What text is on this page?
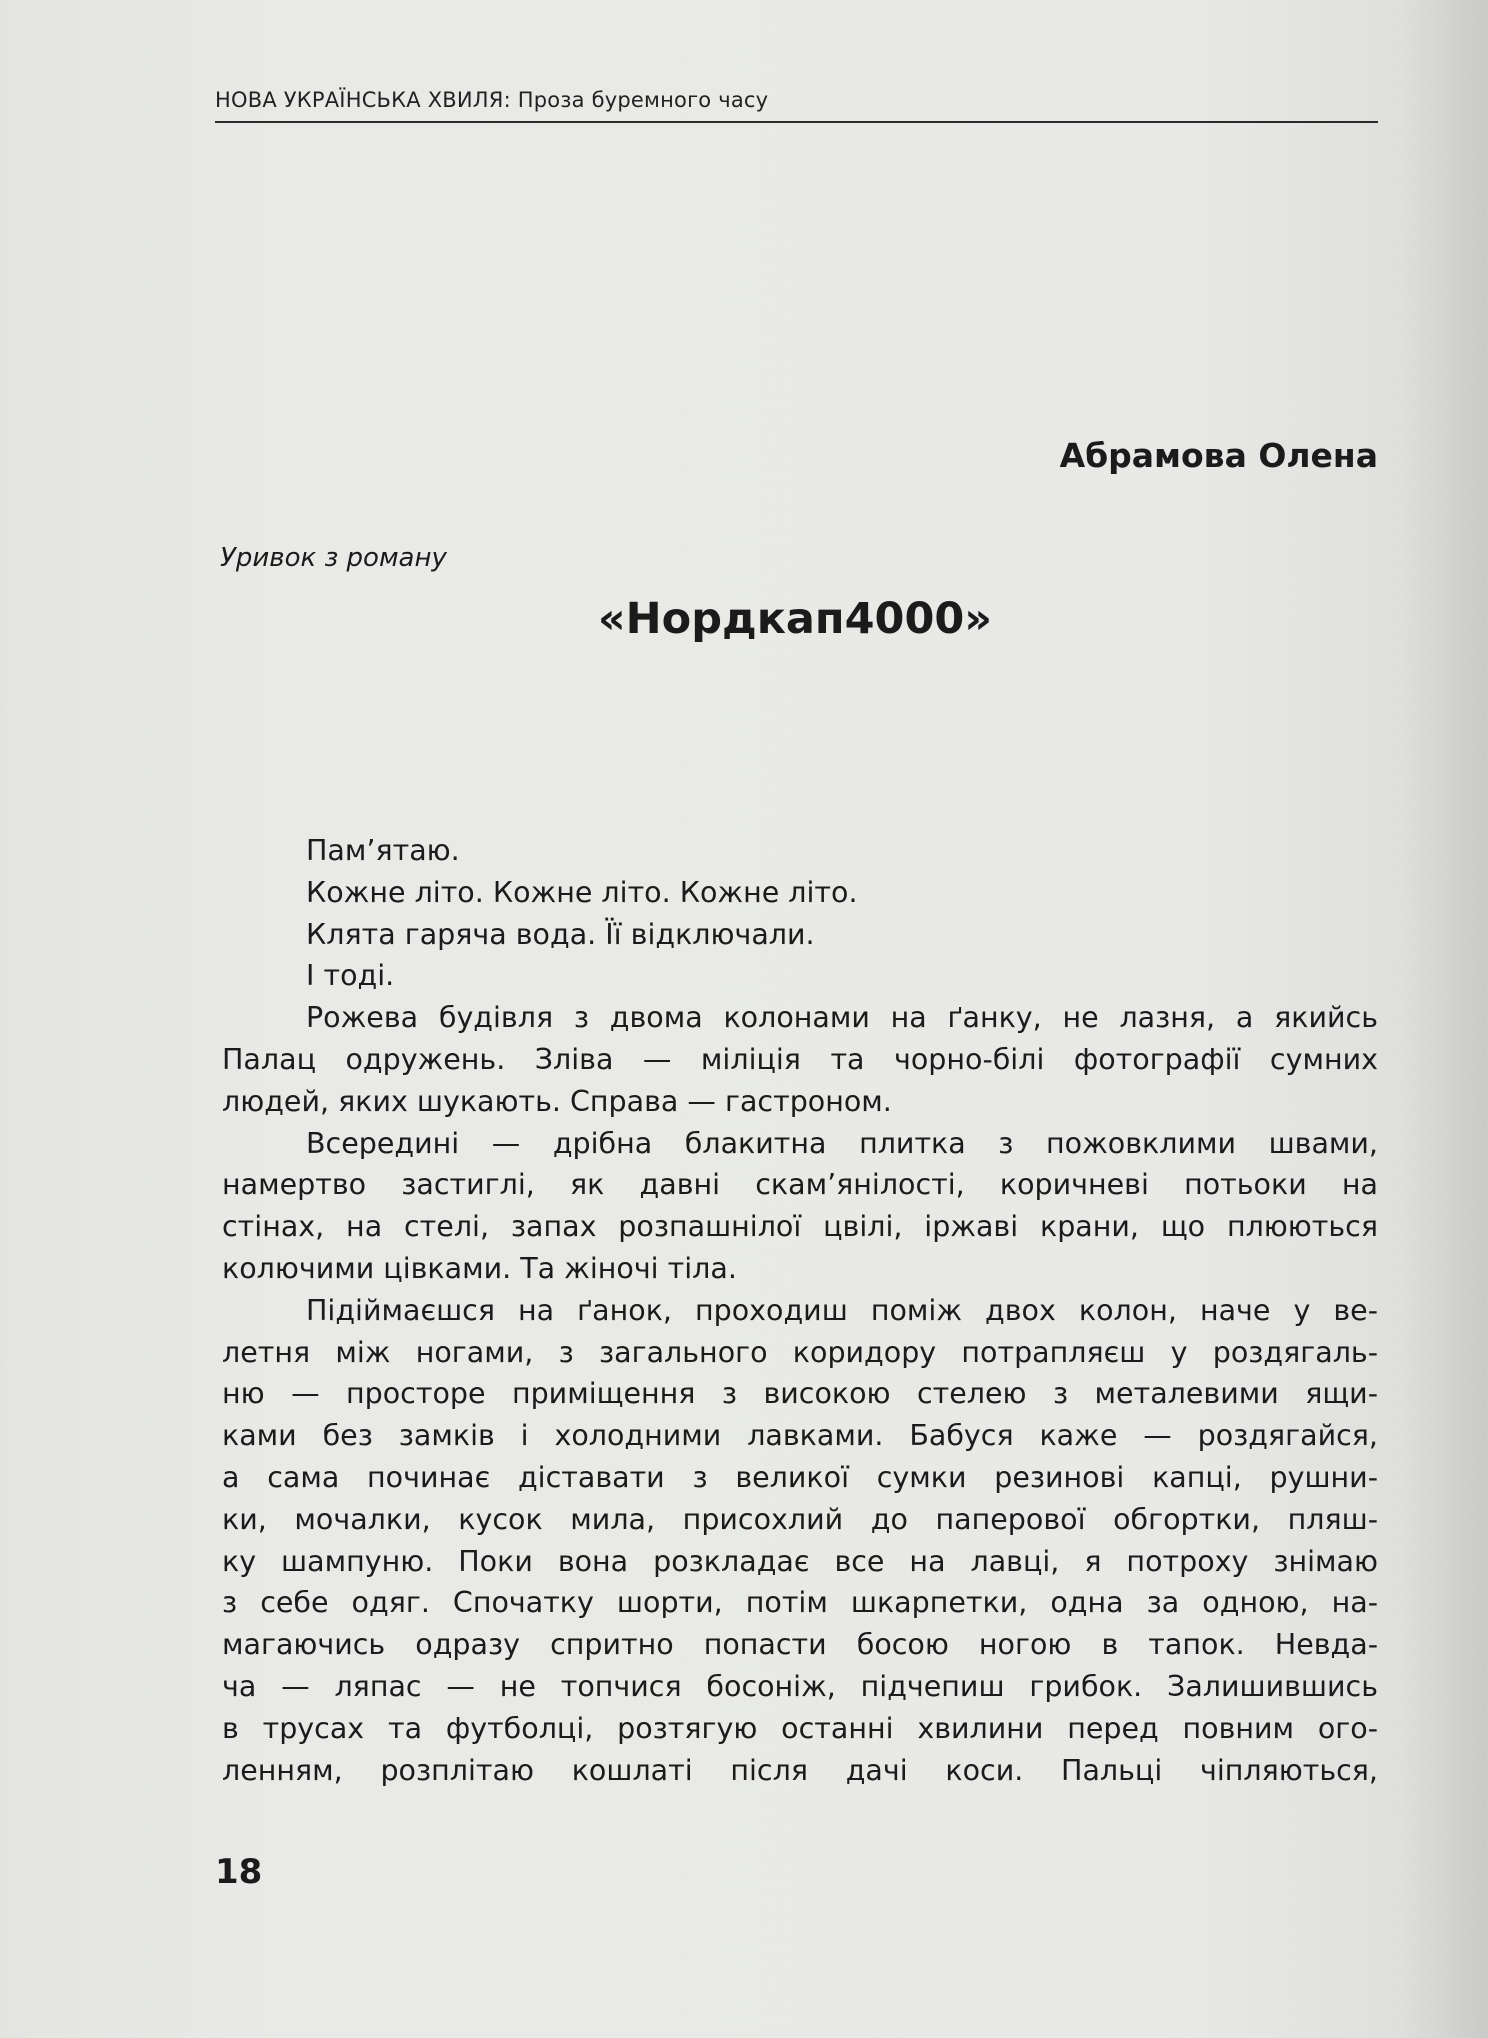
НОВА УКРАЇНСЬКА ХВИЛЯ: Проза буремного часу
Абрамова Олена
Уривок з роману
«Нордкап4000»
Пам’ятаю.
Кожне літо. Кожне літо. Кожне літо.
Клята гаряча вода. Її відключали.
І тоді.
Рожева будівля з двома колонами на ґанку, не лазня, а якийсь
Палац одружень. Зліва — міліція та чорно-білі фотографії сумних
людей, яких шукають. Справа — гастроном.
Всередині — дрібна блакитна плитка з пожовклими швами,
намертво застиглі, як давні скам’янілості, коричневі потьоки на
стінах, на стелі, запах розпашнілої цвілі, іржаві крани, що плюються
колючими цівками. Та жіночі тіла.
Підіймаєшся на ґанок, проходиш поміж двох колон, наче у ве-
летня між ногами, з загального коридору потрапляєш у роздягаль-
ню — просторе приміщення з високою стелею з металевими ящи-
ками без замків і холодними лавками. Бабуся каже — роздягайся,
а сама починає діставати з великої сумки резинові капці, рушни-
ки, мочалки, кусок мила, присохлий до паперової обгортки, пляш-
ку шампуню. Поки вона розкладає все на лавці, я потроху знімаю
з себе одяг. Спочатку шорти, потім шкарпетки, одна за одною, на-
магаючись одразу спритно попасти босою ногою в тапок. Невда-
ча — ляпас — не топчися босоніж, підчепиш грибок. Залишившись
в трусах та футболці, розтягую останні хвилини перед повним ого-
ленням, розплітаю кошлаті після дачі коси. Пальці чіпляються,
18
